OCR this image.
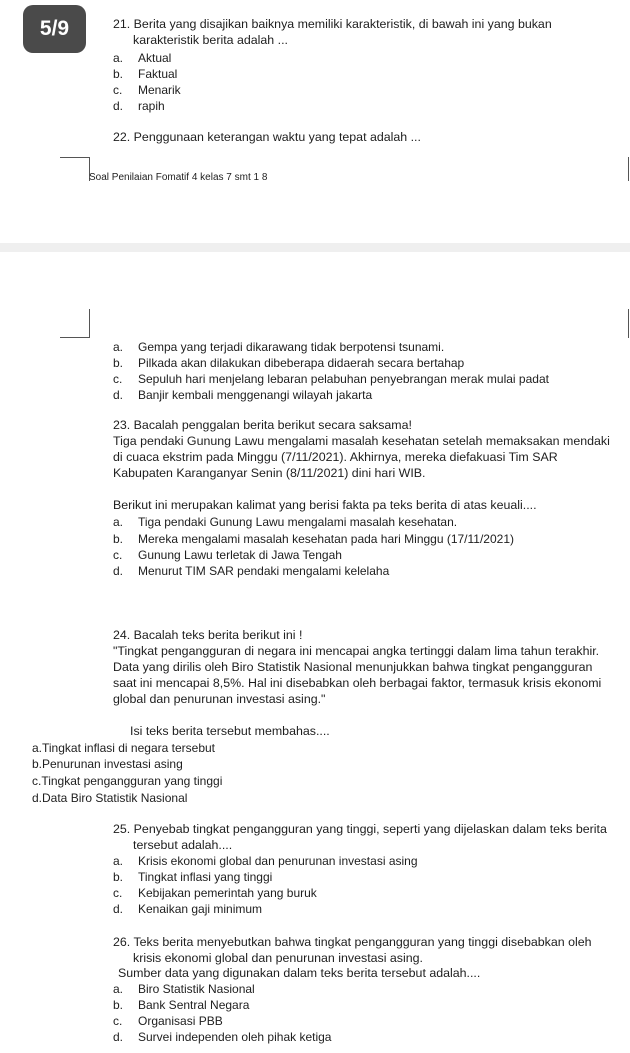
5/9	21. Berita yang disajikan baiknya memiliki karakteristik, di bawah ini yang bukan
karakteristik berita adalah ...
a. Aktual
b. Faktual
c. Menarik
d. rapih
22. Penggunaan keterangan waktu yang tepat adalah ...
Soal Penilaian Fomatif 4 kelas 7 smt 1 8
a. Gempa yang terjadi dikarawang tidak berpotensi tsunami.
b. Pilkada akan dilakukan dibeberapa didaerah secara bertahap
c. Sepuluh hari menjelang lebaran pelabuhan penyebrangan merak mulai padat
d. Banjir kembali menggenangi wilayah jakarta
23. Bacalah penggalan berita berikut secara saksama!
Tiga pendaki Gunung Lawu mengalami masalah kesehatan setelah memaksakan mendaki
di cuaca ekstrim pada Minggu (7/11/2021). Akhirnya, mereka diefakuasi Tim SAR
Kabupaten Karanganyar Senin (8/11/2021) dini hari WIB.
Berikut ini merupakan kalimat yang berisi fakta pa teks berita di atas keuali....
a. Tiga pendaki Gunung Lawu mengalami masalah kesehatan.
b. Mereka mengalami masalah kesehatan pada hari Minggu (17/11/2021)
c. Gunung Lawu terletak di Jawa Tengah
d. Menurut TIM SAR pendaki mengalami kelelaha
24. Bacalah teks berita berikut ini !
"Tingkat pengangguran di negara ini mencapai angka tertinggi dalam lima tahun terakhir.
Data yang dirilis oleh Biro Statistik Nasional menunjukkan bahwa tingkat pengangguran
saat ini mencapai 8,5%. Hal ini disebabkan oleh berbagai faktor, termasuk krisis ekonomi
global dan penurunan investasi asing."
Isi teks berita tersebut membahas....
a.Tingkat inflasi di negara tersebut
b.Penurunan investasi asing
c.Tingkat pengangguran yang tinggi
d.Data Biro Statistik Nasional
25. Penyebab tingkat pengangguran yang tinggi, seperti yang dijelaskan dalam teks berita
tersebut adalah....
a. Krisis ekonomi global dan penurunan investasi asing
b. Tingkat inflasi yang tinggi
c. Kebijakan pemerintah yang buruk
d. Kenaikan gaji minimum
26. Teks berita menyebutkan bahwa tingkat pengangguran yang tinggi disebabkan oleh
krisis ekonomi global dan penurunan investasi asing.
Sumber data yang digunakan dalam teks berita tersebut adalah....
a. Biro Statistik Nasional
b. Bank Sentral Negara
c. Organisasi PBB
d. Survei independen oleh pihak ketiga
